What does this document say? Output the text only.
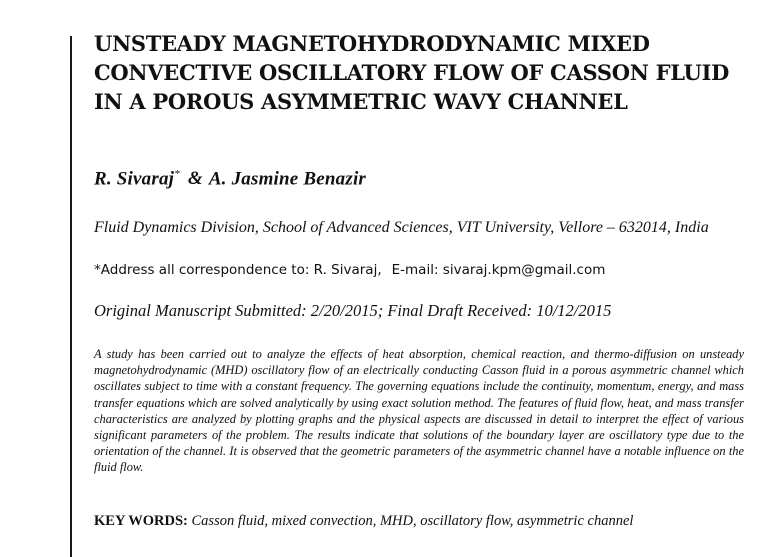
UNSTEADY MAGNETOHYDRODYNAMIC MIXED CONVECTIVE OSCILLATORY FLOW OF CASSON FLUID IN A POROUS ASYMMETRIC WAVY CHANNEL
R. Sivaraj* & A. Jasmine Benazir
Fluid Dynamics Division, School of Advanced Sciences, VIT University, Vellore – 632014, India
*Address all correspondence to: R. Sivaraj, E-mail: sivaraj.kpm@gmail.com
Original Manuscript Submitted: 2/20/2015; Final Draft Received: 10/12/2015

A study has been carried out to analyze the effects of heat absorption, chemical reaction, and thermo-diffusion on unsteady magnetohydrodynamic (MHD) oscillatory flow of an electrically conducting Casson fluid in a porous asymmetric channel which oscillates subject to time with a constant frequency. The governing equations include the continuity, momentum, energy, and mass transfer equations which are solved analytically by using exact solution method. The features of fluid flow, heat, and mass transfer characteristics are analyzed by plotting graphs and the physical aspects are discussed in detail to interpret the effect of various significant parameters of the problem. The results indicate that solutions of the boundary layer are oscillatory type due to the orientation of the channel. It is observed that the geometric parameters of the asymmetric channel have a notable influence on the fluid flow.

KEY WORDS: Casson fluid, mixed convection, MHD, oscillatory flow, asymmetric channel
